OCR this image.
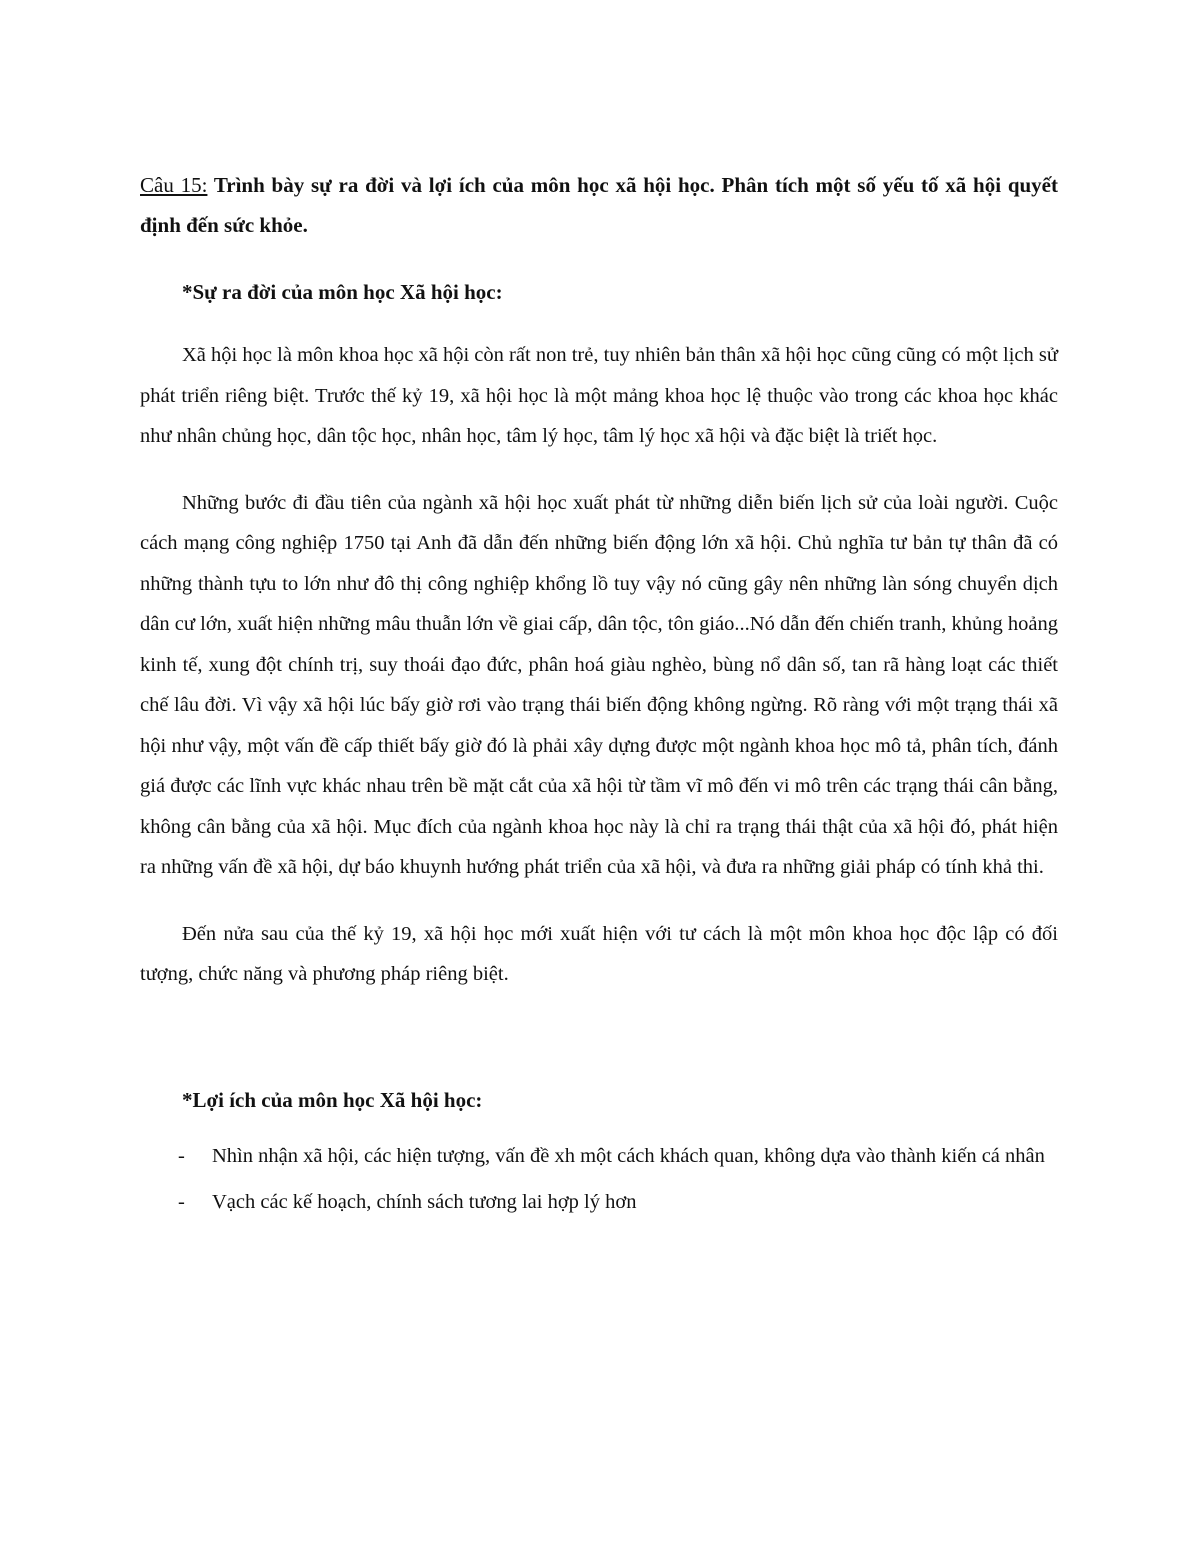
Câu 15: Trình bày sự ra đời và lợi ích của môn học xã hội học. Phân tích một số yếu tố xã hội quyết định đến sức khỏe.

*Sự ra đời của môn học Xã hội học:

Xã hội học là môn khoa học xã hội còn rất non trẻ, tuy nhiên bản thân xã hội học cũng cũng có một lịch sử phát triển riêng biệt. Trước thế kỷ 19, xã hội học là một mảng khoa học lệ thuộc vào trong các khoa học khác như nhân chủng học, dân tộc học, nhân học, tâm lý học, tâm lý học xã hội và đặc biệt là triết học.

Những bước đi đầu tiên của ngành xã hội học xuất phát từ những diễn biến lịch sử của loài người. Cuộc cách mạng công nghiệp 1750 tại Anh đã dẫn đến những biến động lớn xã hội. Chủ nghĩa tư bản tự thân đã có những thành tựu to lớn như đô thị công nghiệp khổng lồ tuy vậy nó cũng gây nên những làn sóng chuyển dịch dân cư lớn, xuất hiện những mâu thuẫn lớn về giai cấp, dân tộc, tôn giáo...Nó dẫn đến chiến tranh, khủng hoảng kinh tế, xung đột chính trị, suy thoái đạo đức, phân hoá giàu nghèo, bùng nổ dân số, tan rã hàng loạt các thiết chế lâu đời. Vì vậy xã hội lúc bấy giờ rơi vào trạng thái biến động không ngừng. Rõ ràng với một trạng thái xã hội như vậy, một vấn đề cấp thiết bấy giờ đó là phải xây dựng được một ngành khoa học mô tả, phân tích, đánh giá được các lĩnh vực khác nhau trên bề mặt cắt của xã hội từ tầm vĩ mô đến vi mô trên các trạng thái cân bằng, không cân bằng của xã hội. Mục đích của ngành khoa học này là chỉ ra trạng thái thật của xã hội đó, phát hiện ra những vấn đề xã hội, dự báo khuynh hướng phát triển của xã hội, và đưa ra những giải pháp có tính khả thi.

Đến nửa sau của thế kỷ 19, xã hội học mới xuất hiện với tư cách là một môn khoa học độc lập có đối tượng, chức năng và phương pháp riêng biệt.

*Lợi ích của môn học Xã hội học:

- Nhìn nhận xã hội, các hiện tượng, vấn đề xh một cách khách quan, không dựa vào thành kiến cá nhân
- Vạch các kế hoạch, chính sách tương lai hợp lý hơn
